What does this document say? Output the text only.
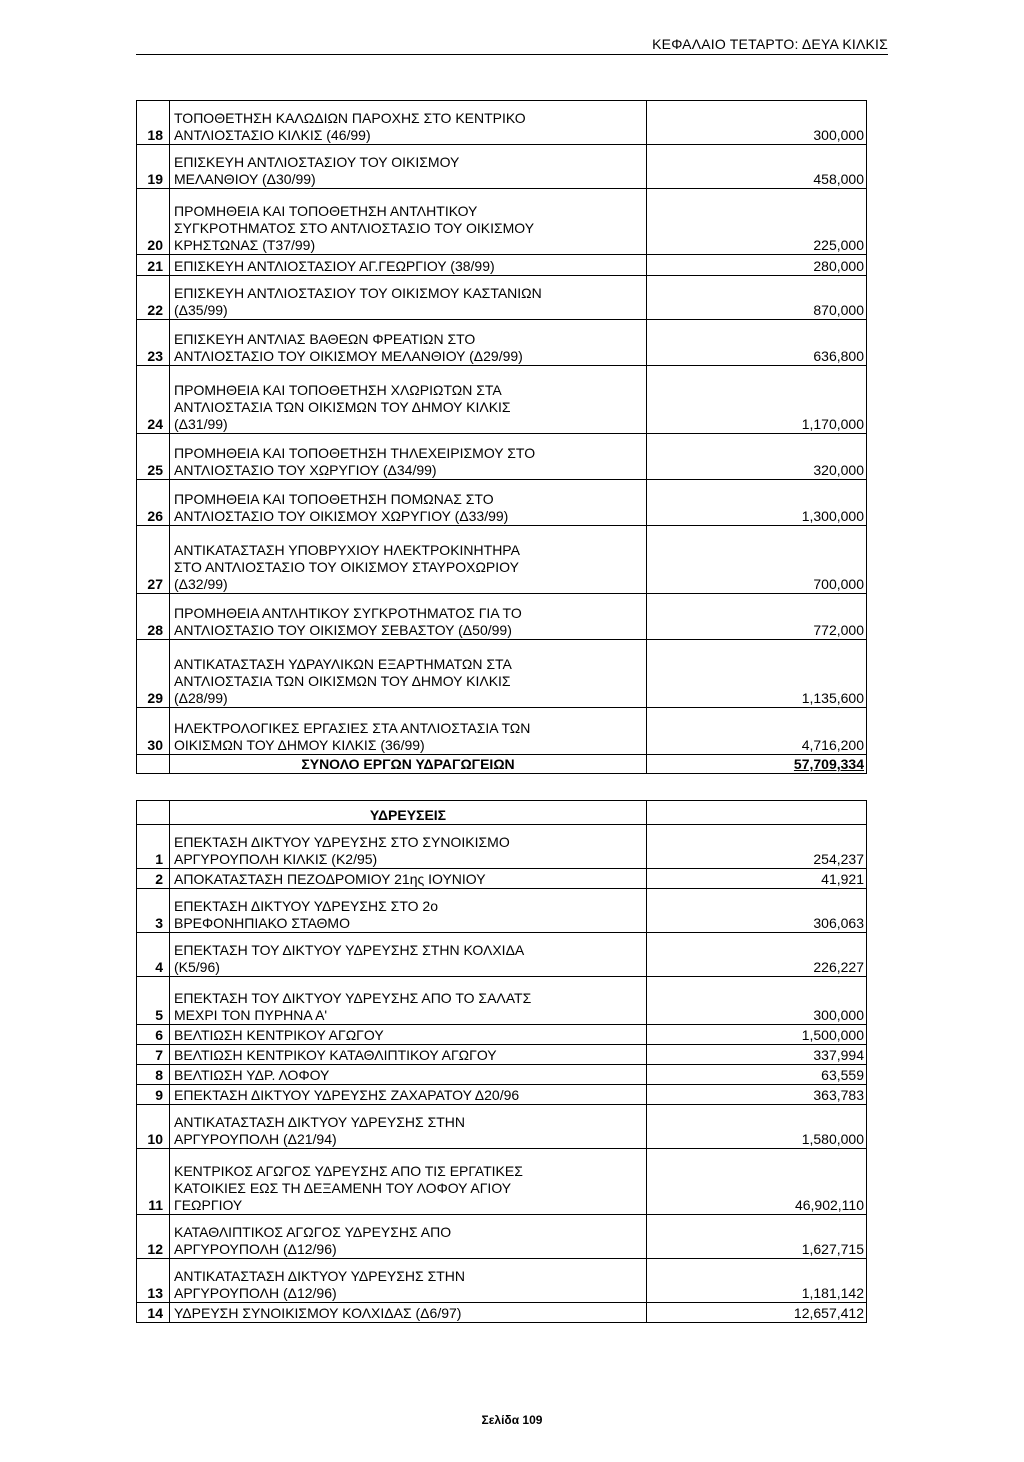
ΚΕΦΑΛΑΙΟ ΤΕΤΑΡΤΟ: ΔΕΥΑ ΚΙΛΚΙΣ
18	ΤΟΠΟΘΕΤΗΣΗ ΚΑΛΩΔΙΩΝ ΠΑΡΟΧΗΣ ΣΤΟ ΚΕΝΤΡΙΚΟ
ΑΝΤΛΙΟΣΤΑΣΙΟ ΚΙΛΚΙΣ (46/99)	300,000
19	ΕΠΙΣΚΕΥΗ ΑΝΤΛΙΟΣΤΑΣΙΟΥ ΤΟΥ ΟΙΚΙΣΜΟΥ
ΜΕΛΑΝΘΙΟΥ (Δ30/99)	458,000
20	ΠΡΟΜΗΘΕΙΑ ΚΑΙ ΤΟΠΟΘΕΤΗΣΗ ΑΝΤΛΗΤΙΚΟΥ
ΣΥΓΚΡΟΤΗΜΑΤΟΣ ΣΤΟ ΑΝΤΛΙΟΣΤΑΣΙΟ ΤΟΥ ΟΙΚΙΣΜΟΥ
ΚΡΗΣΤΩΝΑΣ (Τ37/99)	225,000
21	ΕΠΙΣΚΕΥΗ ΑΝΤΛΙΟΣΤΑΣΙΟΥ ΑΓ.ΓΕΩΡΓΙΟΥ (38/99)	280,000
22	ΕΠΙΣΚΕΥΗ ΑΝΤΛΙΟΣΤΑΣΙΟΥ ΤΟΥ ΟΙΚΙΣΜΟΥ ΚΑΣΤΑΝΙΩΝ
(Δ35/99)	870,000
23	ΕΠΙΣΚΕΥΗ ΑΝΤΛΙΑΣ ΒΑΘΕΩΝ ΦΡΕΑΤΙΩΝ ΣΤΟ
ΑΝΤΛΙΟΣΤΑΣΙΟ ΤΟΥ ΟΙΚΙΣΜΟΥ ΜΕΛΑΝΘΙΟΥ (Δ29/99)	636,800
24	ΠΡΟΜΗΘΕΙΑ ΚΑΙ ΤΟΠΟΘΕΤΗΣΗ ΧΛΩΡΙΩΤΩΝ ΣΤΑ
ΑΝΤΛΙΟΣΤΑΣΙΑ ΤΩΝ ΟΙΚΙΣΜΩΝ ΤΟΥ ΔΗΜΟΥ ΚΙΛΚΙΣ
(Δ31/99)	1,170,000
25	ΠΡΟΜΗΘΕΙΑ ΚΑΙ ΤΟΠΟΘΕΤΗΣΗ ΤΗΛΕΧΕΙΡΙΣΜΟΥ ΣΤΟ
ΑΝΤΛΙΟΣΤΑΣΙΟ ΤΟΥ ΧΩΡΥΓΙΟΥ (Δ34/99)	320,000
26	ΠΡΟΜΗΘΕΙΑ ΚΑΙ ΤΟΠΟΘΕΤΗΣΗ ΠΟΜΩΝΑΣ ΣΤΟ
ΑΝΤΛΙΟΣΤΑΣΙΟ ΤΟΥ ΟΙΚΙΣΜΟΥ ΧΩΡΥΓΙΟΥ (Δ33/99)	1,300,000
27	ΑΝΤΙΚΑΤΑΣΤΑΣΗ ΥΠΟΒΡΥΧΙΟΥ ΗΛΕΚΤΡΟΚΙΝΗΤΗΡΑ
ΣΤΟ ΑΝΤΛΙΟΣΤΑΣΙΟ ΤΟΥ ΟΙΚΙΣΜΟΥ ΣΤΑΥΡΟΧΩΡΙΟΥ
(Δ32/99)	700,000
28	ΠΡΟΜΗΘΕΙΑ ΑΝΤΛΗΤΙΚΟΥ ΣΥΓΚΡΟΤΗΜΑΤΟΣ ΓΙΑ ΤΟ
ΑΝΤΛΙΟΣΤΑΣΙΟ ΤΟΥ ΟΙΚΙΣΜΟΥ ΣΕΒΑΣΤΟΥ (Δ50/99)	772,000
29	ΑΝΤΙΚΑΤΑΣΤΑΣΗ ΥΔΡΑΥΛΙΚΩΝ ΕΞΑΡΤΗΜΑΤΩΝ ΣΤΑ
ΑΝΤΛΙΟΣΤΑΣΙΑ ΤΩΝ ΟΙΚΙΣΜΩΝ ΤΟΥ ΔΗΜΟΥ ΚΙΛΚΙΣ
(Δ28/99)	1,135,600
30	ΗΛΕΚΤΡΟΛΟΓΙΚΕΣ ΕΡΓΑΣΙΕΣ ΣΤΑ ΑΝΤΛΙΟΣΤΑΣΙΑ ΤΩΝ
ΟΙΚΙΣΜΩΝ ΤΟΥ ΔΗΜΟΥ ΚΙΛΚΙΣ (36/99)	4,716,200
	ΣΥΝΟΛΟ ΕΡΓΩΝ ΥΔΡΑΓΩΓΕΙΩΝ	57,709,334
	ΥΔΡΕΥΣΕΙΣ	
1	ΕΠΕΚΤΑΣΗ ΔΙΚΤΥΟΥ ΥΔΡΕΥΣΗΣ ΣΤΟ ΣΥΝΟΙΚΙΣΜΟ
ΑΡΓΥΡΟΥΠΟΛΗ ΚΙΛΚΙΣ (Κ2/95)	254,237
2	ΑΠΟΚΑΤΑΣΤΑΣΗ ΠΕΖΟΔΡΟΜΙΟΥ 21ης ΙΟΥΝΙΟΥ	41,921
3	ΕΠΕΚΤΑΣΗ ΔΙΚΤΥΟΥ ΥΔΡΕΥΣΗΣ ΣΤΟ 2ο
ΒΡΕΦΟΝΗΠΙΑΚΟ ΣΤΑΘΜΟ	306,063
4	ΕΠΕΚΤΑΣΗ ΤΟΥ ΔΙΚΤΥΟΥ ΥΔΡΕΥΣΗΣ ΣΤΗΝ ΚΟΛΧΙΔΑ
(Κ5/96)	226,227
5	ΕΠΕΚΤΑΣΗ ΤΟΥ ΔΙΚΤΥΟΥ ΥΔΡΕΥΣΗΣ ΑΠΟ ΤΟ ΣΑΛΑΤΣ
ΜΕΧΡΙ ΤΟΝ ΠΥΡΗΝΑ Α'	300,000
6	ΒΕΛΤΙΩΣΗ ΚΕΝΤΡΙΚΟΥ ΑΓΩΓΟΥ	1,500,000
7	ΒΕΛΤΙΩΣΗ ΚΕΝΤΡΙΚΟΥ ΚΑΤΑΘΛΙΠΤΙΚΟΥ ΑΓΩΓΟΥ	337,994
8	ΒΕΛΤΙΩΣΗ ΥΔΡ. ΛΟΦΟΥ	63,559
9	ΕΠΕΚΤΑΣΗ ΔΙΚΤΥΟΥ ΥΔΡΕΥΣΗΣ ΖΑΧΑΡΑΤΟΥ Δ20/96	363,783
10	ΑΝΤΙΚΑΤΑΣΤΑΣΗ ΔΙΚΤΥΟΥ ΥΔΡΕΥΣΗΣ ΣΤΗΝ
ΑΡΓΥΡΟΥΠΟΛΗ (Δ21/94)	1,580,000
11	ΚΕΝΤΡΙΚΟΣ ΑΓΩΓΟΣ ΥΔΡΕΥΣΗΣ ΑΠΟ ΤΙΣ ΕΡΓΑΤΙΚΕΣ
ΚΑΤΟΙΚΙΕΣ ΕΩΣ ΤΗ ΔΕΞΑΜΕΝΗ ΤΟΥ ΛΟΦΟΥ ΑΓΙΟΥ
ΓΕΩΡΓΙΟΥ	46,902,110
12	ΚΑΤΑΘΛΙΠΤΙΚΟΣ ΑΓΩΓΟΣ ΥΔΡΕΥΣΗΣ ΑΠΟ
ΑΡΓΥΡΟΥΠΟΛΗ (Δ12/96)	1,627,715
13	ΑΝΤΙΚΑΤΑΣΤΑΣΗ ΔΙΚΤΥΟΥ ΥΔΡΕΥΣΗΣ ΣΤΗΝ
ΑΡΓΥΡΟΥΠΟΛΗ (Δ12/96)	1,181,142
14	ΥΔΡΕΥΣΗ ΣΥΝΟΙΚΙΣΜΟΥ ΚΟΛΧΙΔΑΣ (Δ6/97)	12,657,412
Σελίδα 109
